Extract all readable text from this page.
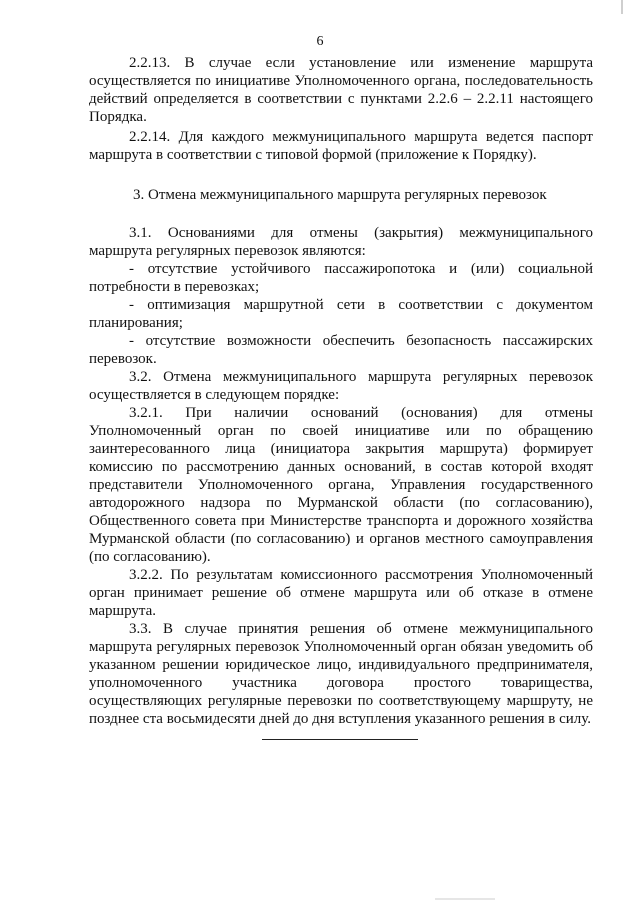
6

2.2.13. В случае если установление или изменение маршрута осуществляется по инициативе Уполномоченного органа, последовательность действий определяется в соответствии с пунктами 2.2.6 – 2.2.11 настоящего Порядка.

2.2.14. Для каждого межмуниципального маршрута ведется паспорт маршрута в соответствии с типовой формой (приложение к Порядку).

3. Отмена межмуниципального маршрута регулярных перевозок

3.1. Основаниями для отмены (закрытия) межмуниципального маршрута регулярных перевозок являются:

- отсутствие устойчивого пассажиропотока и (или) социальной потребности в перевозках;

- оптимизация маршрутной сети в соответствии с документом планирования;

- отсутствие возможности обеспечить безопасность пассажирских перевозок.

3.2. Отмена межмуниципального маршрута регулярных перевозок осуществляется в следующем порядке:

3.2.1. При наличии оснований (основания) для отмены Уполномоченный орган по своей инициативе или по обращению заинтересованного лица (инициатора закрытия маршрута) формирует комиссию по рассмотрению данных оснований, в состав которой входят представители Уполномоченного органа, Управления государственного автодорожного надзора по Мурманской области (по согласованию), Общественного совета при Министерстве транспорта и дорожного хозяйства Мурманской области (по согласованию) и органов местного самоуправления (по согласованию).

3.2.2. По результатам комиссионного рассмотрения Уполномоченный орган принимает решение об отмене маршрута или об отказе в отмене маршрута.

3.3. В случае принятия решения об отмене межмуниципального маршрута регулярных перевозок Уполномоченный орган обязан уведомить об указанном решении юридическое лицо, индивидуального предпринимателя, уполномоченного участника договора простого товарищества, осуществляющих регулярные перевозки по соответствующему маршруту, не позднее ста восьмидесяти дней до дня вступления указанного решения в силу.
